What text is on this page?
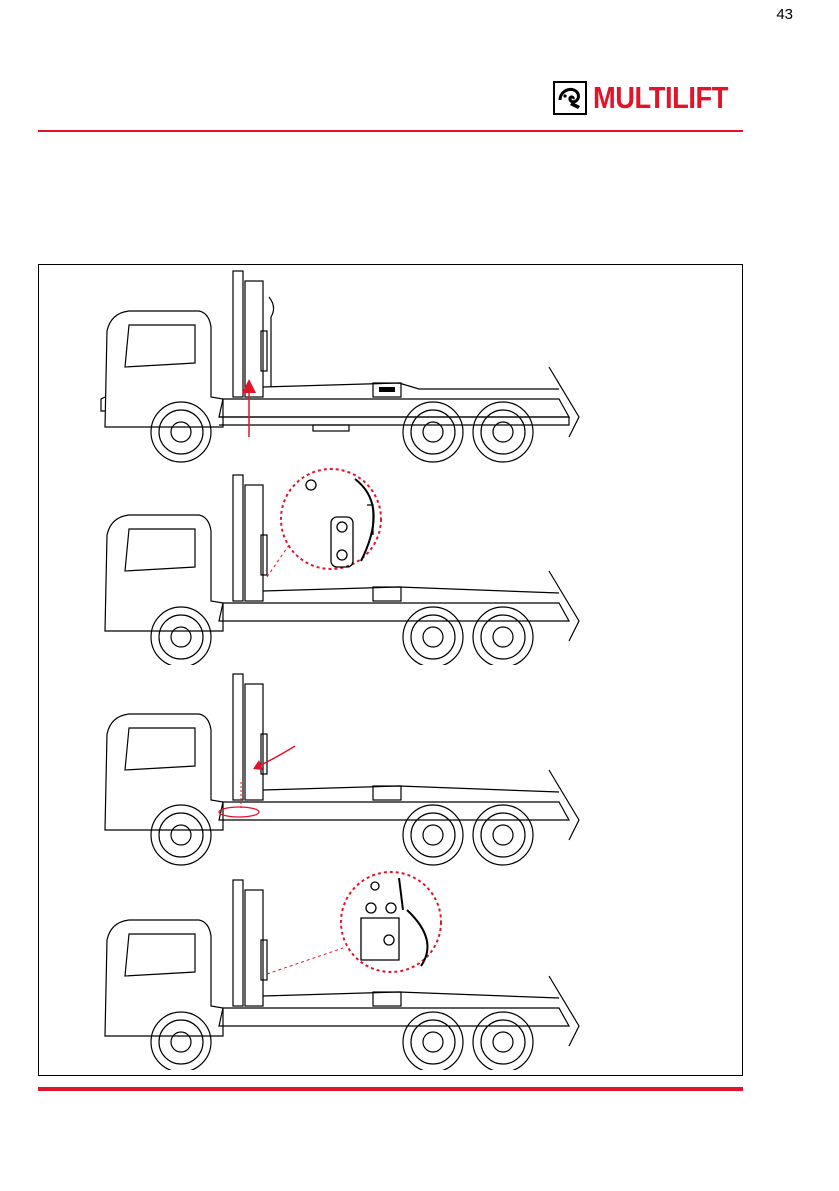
43
MULTILIFT
